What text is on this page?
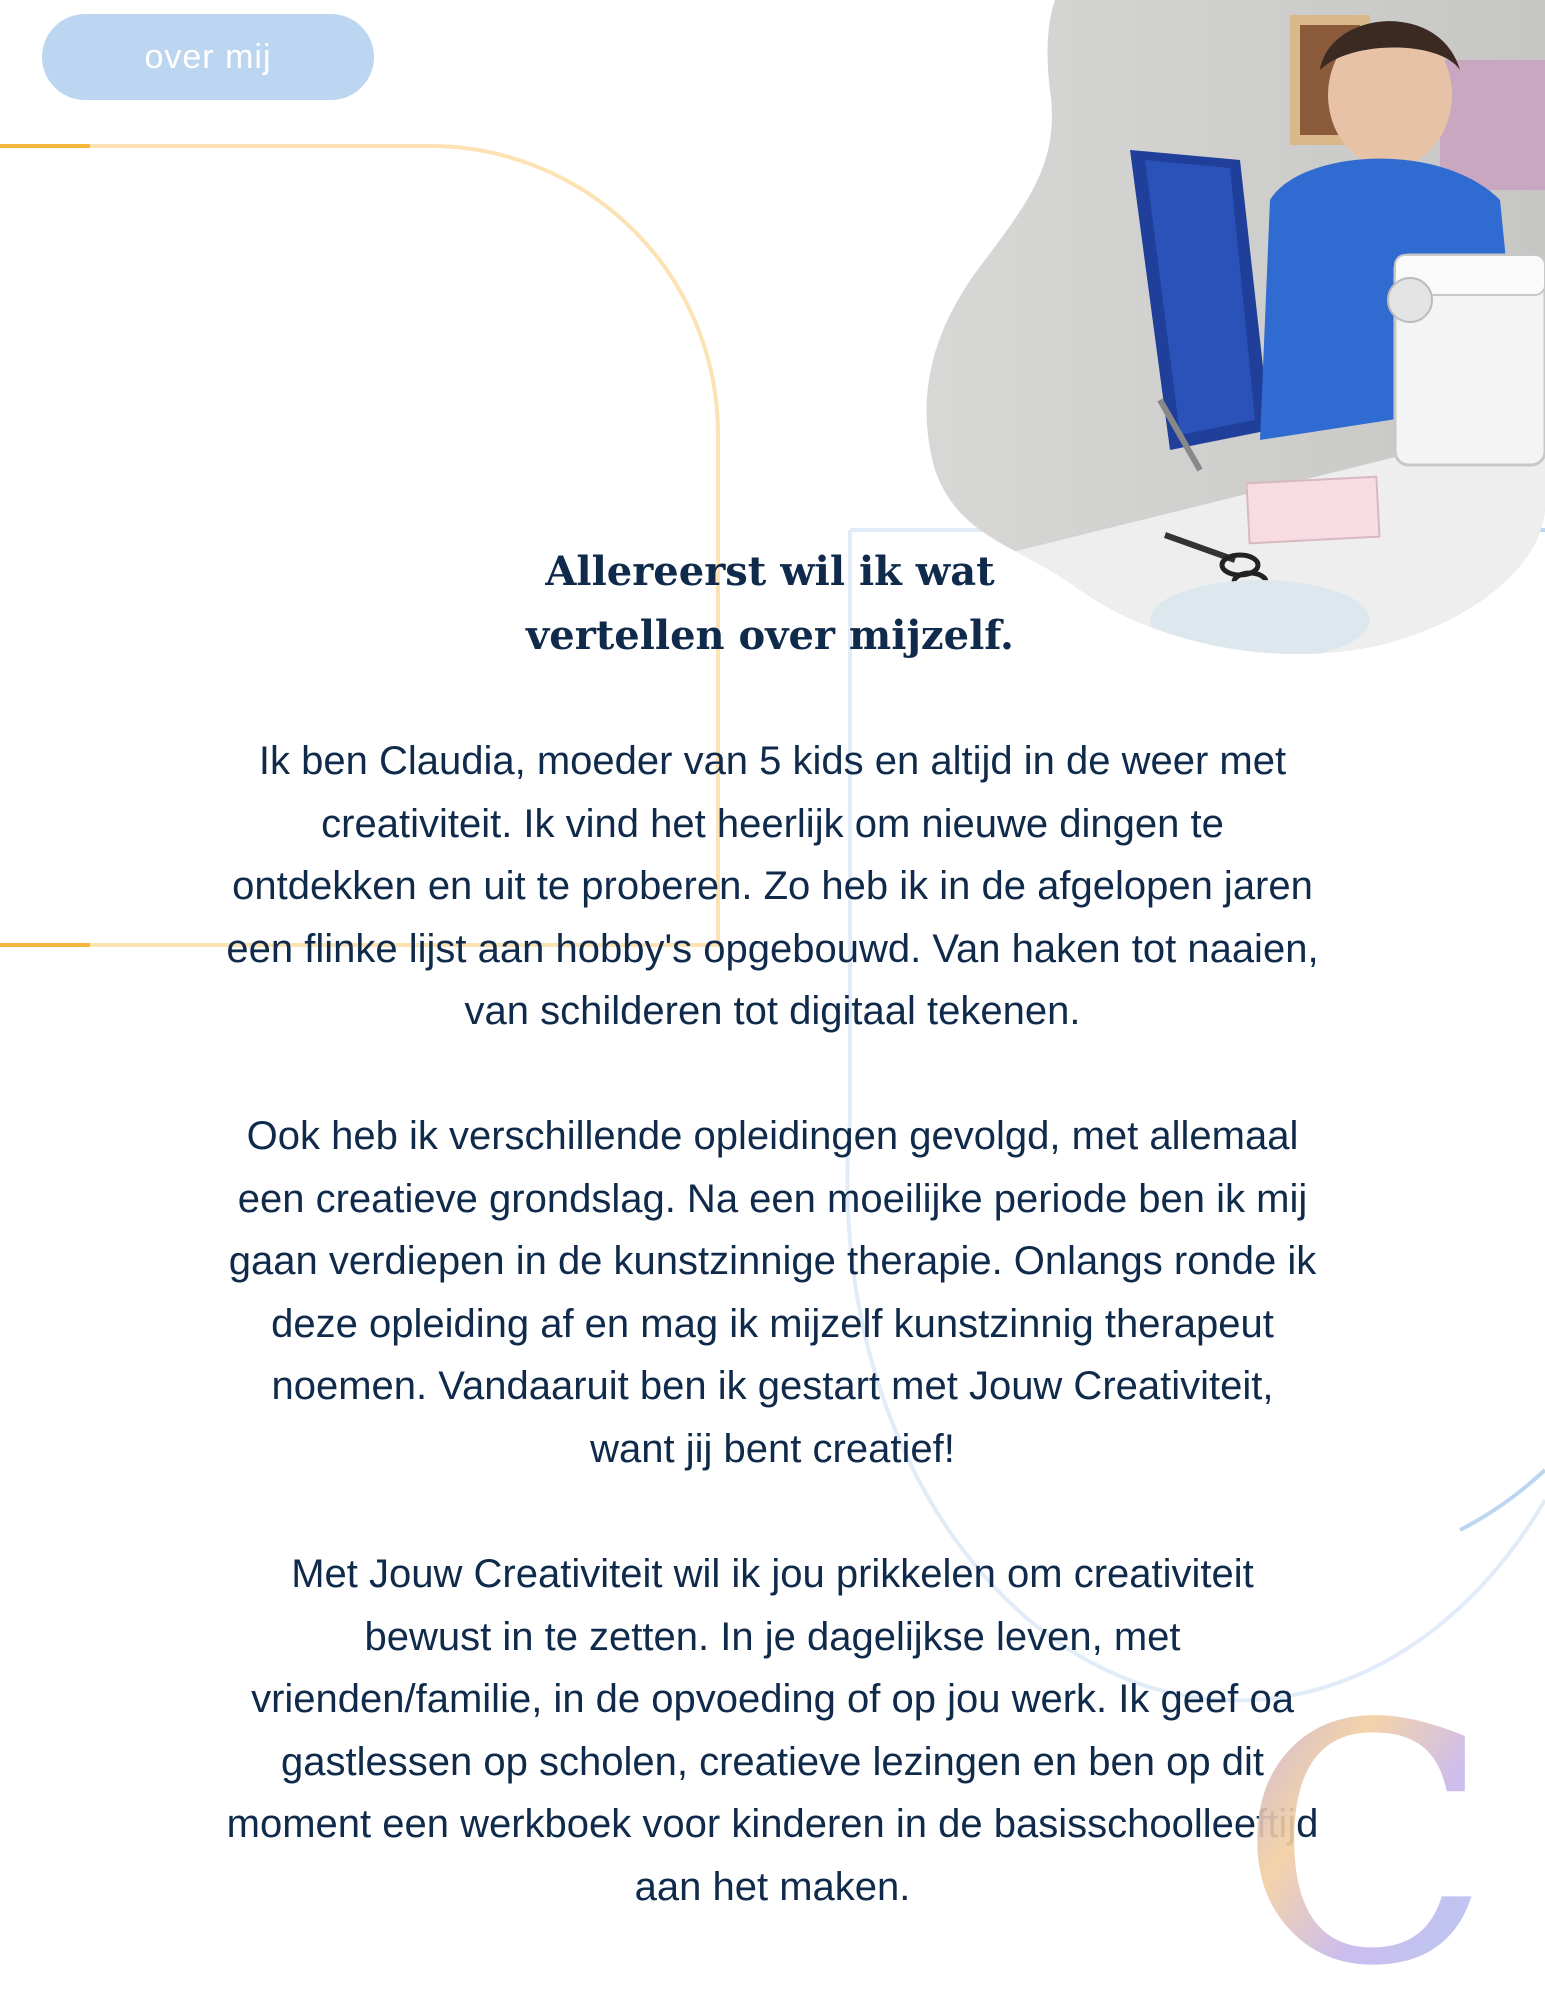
over mij
Allereerst wil ik wat
vertellen over mijzelf.

Ik ben Claudia, moeder van 5 kids en altijd in de weer met
creativiteit. Ik vind het heerlijk om nieuwe dingen te
ontdekken en uit te proberen. Zo heb ik in de afgelopen jaren
een flinke lijst aan hobby's opgebouwd. Van haken tot naaien,
van schilderen tot digitaal tekenen.

Ook heb ik verschillende opleidingen gevolgd, met allemaal
een creatieve grondslag. Na een moeilijke periode ben ik mij
gaan verdiepen in de kunstzinnige therapie. Onlangs ronde ik
deze opleiding af en mag ik mijzelf kunstzinnig therapeut
noemen. Vandaaruit ben ik gestart met Jouw Creativiteit,
want jij bent creatief!

Met Jouw Creativiteit wil ik jou prikkelen om creativiteit
bewust in te zetten. In je dagelijkse leven, met
vrienden/familie, in de opvoeding of op jou werk. Ik geef oa
gastlessen op scholen, creatieve lezingen en ben op dit
moment een werkboek voor kinderen in de basisschoolleeftijd
aan het maken. C
